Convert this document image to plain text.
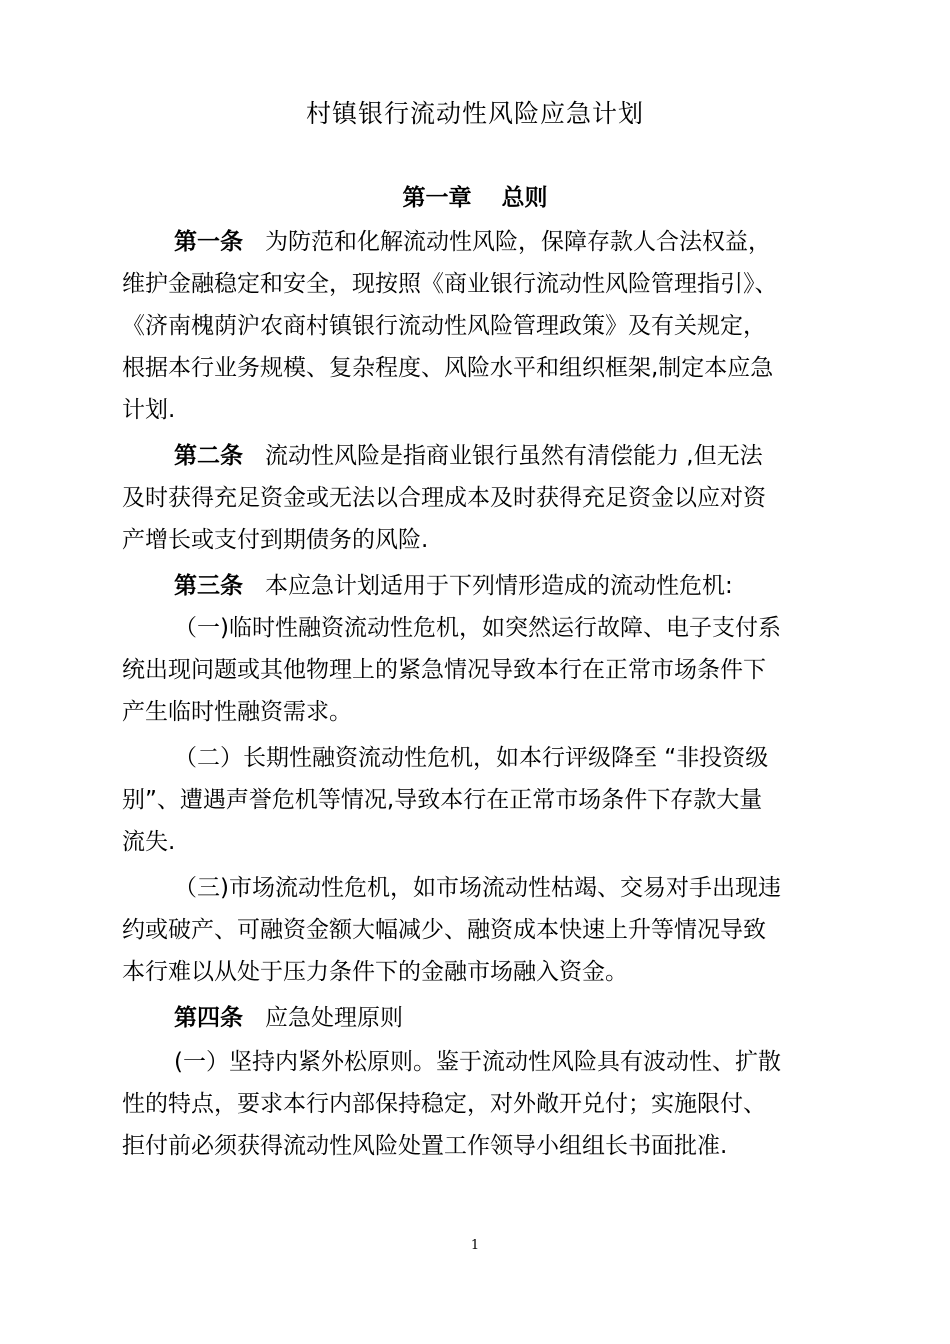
村镇银行流动性风险应急计划
第一章 总则
第一条 为防范和化解流动性风险，保障存款人合法权益，
维护金融稳定和安全，现按照《商业银行流动性风险管理指引》、
《济南槐荫沪农商村镇银行流动性风险管理政策》及有关规定，
根据本行业务规模、复杂程度、风险水平和组织框架,制定本应急
计划.
第二条 流动性风险是指商业银行虽然有清偿能力 ,但无法
及时获得充足资金或无法以合理成本及时获得充足资金以应对资
产增长或支付到期债务的风险.
第三条 本应急计划适用于下列情形造成的流动性危机:
（一)临时性融资流动性危机，如突然运行故障、电子支付系
统出现问题或其他物理上的紧急情况导致本行在正常市场条件下
产生临时性融资需求。
（二）长期性融资流动性危机，如本行评级降至 “非投资级
别”、遭遇声誉危机等情况,导致本行在正常市场条件下存款大量
流失.
（三)市场流动性危机，如市场流动性枯竭、交易对手出现违
约或破产、可融资金额大幅减少、融资成本快速上升等情况导致
本行难以从处于压力条件下的金融市场融入资金。
第四条 应急处理原则
(一）坚持内紧外松原则。鉴于流动性风险具有波动性、扩散
性的特点，要求本行内部保持稳定，对外敞开兑付；实施限付、
拒付前必须获得流动性风险处置工作领导小组组长书面批准.
1
